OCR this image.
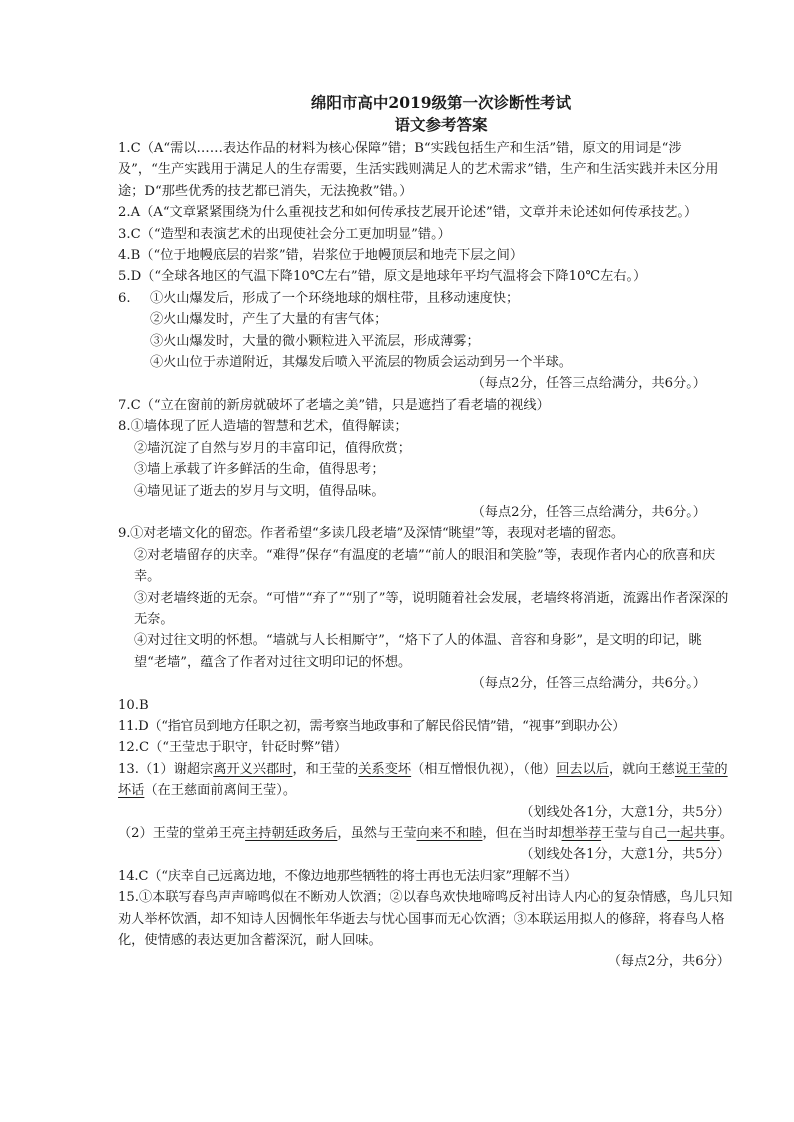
绵阳市高中2019级第一次诊断性考试
语文参考答案

1.C（A“需以……表达作品的材料为核心保障”错；B“实践包括生产和生活”错，原文的用词是“涉及”，“生产实践用于满足人的生存需要，生活实践则满足人的艺术需求”错，生产和生活实践并未区分用途；D“那些优秀的技艺都已消失，无法挽救”错。）

2.A（A“文章紧紧围绕为什么重视技艺和如何传承技艺展开论述”错，文章并未论述如何传承技艺。）

3.C（“造型和表演艺术的出现使社会分工更加明显”错。）

4.B（“位于地幔底层的岩浆”错，岩浆位于地幔顶层和地壳下层之间）

5.D（“全球各地区的气温下降10℃左右”错，原文是地球年平均气温将会下降10℃左右。）

6.	①火山爆发后，形成了一个环绕地球的烟柱带，且移动速度快；

②火山爆发时，产生了大量的有害气体；

③火山爆发时，大量的微小颗粒进入平流层，形成薄雾；

④火山位于赤道附近，其爆发后喷入平流层的物质会运动到另一个半球。

（每点2分，任答三点给满分，共6分。）

7.C（“立在窗前的新房就破坏了老墙之美”错，只是遮挡了看老墙的视线）

8.①墙体现了匠人造墙的智慧和艺术，值得解读；

②墙沉淀了自然与岁月的丰富印记，值得欣赏；

③墙上承载了许多鲜活的生命，值得思考；

④墙见证了逝去的岁月与文明，值得品味。

（每点2分，任答三点给满分，共6分。）

9.①对老墙文化的留恋。作者希望“多读几段老墙”及深情“眺望”等，表现对老墙的留恋。

②对老墙留存的庆幸。“难得”保存“有温度的老墙”“前人的眼泪和笑脸”等，表现作者内心的欣喜和庆幸。

③对老墙终逝的无奈。“可惜”“弃了”“别了”等，说明随着社会发展，老墙终将消逝，流露出作者深深的无奈。

④对过往文明的怀想。“墙就与人长相厮守”，“烙下了人的体温、音容和身影”，是文明的印记，眺望“老墙”，蕴含了作者对过往文明印记的怀想。

（每点2分，任答三点给满分，共6分。）

10.B

11.D（“指官员到地方任职之初，需考察当地政事和了解民俗民情”错，“视事”到职办公）

12.C（“王莹忠于职守，针砭时弊”错）

13.（1）谢超宗离开义兴郡时，和王莹的关系变坏（相互憎恨仇视），（他）回去以后，就向王慈说王莹的坏话（在王慈面前离间王莹）。

（划线处各1分，大意1分，共5分）

（2）王莹的堂弟王亮主持朝廷政务后，虽然与王莹向来不和睦，但在当时却想举荐王莹与自己一起共事。

（划线处各1分，大意1分，共5分）

14.C（“庆幸自己远离边地，不像边地那些牺牲的将士再也无法归家”理解不当）

15.①本联写春鸟声声啼鸣似在不断劝人饮酒；②以春鸟欢快地啼鸣反衬出诗人内心的复杂情感，鸟儿只知劝人举杯饮酒，却不知诗人因惆怅年华逝去与忧心国事而无心饮酒；③本联运用拟人的修辞，将春鸟人格化，使情感的表达更加含蓄深沉，耐人回味。

（每点2分，共6分）
